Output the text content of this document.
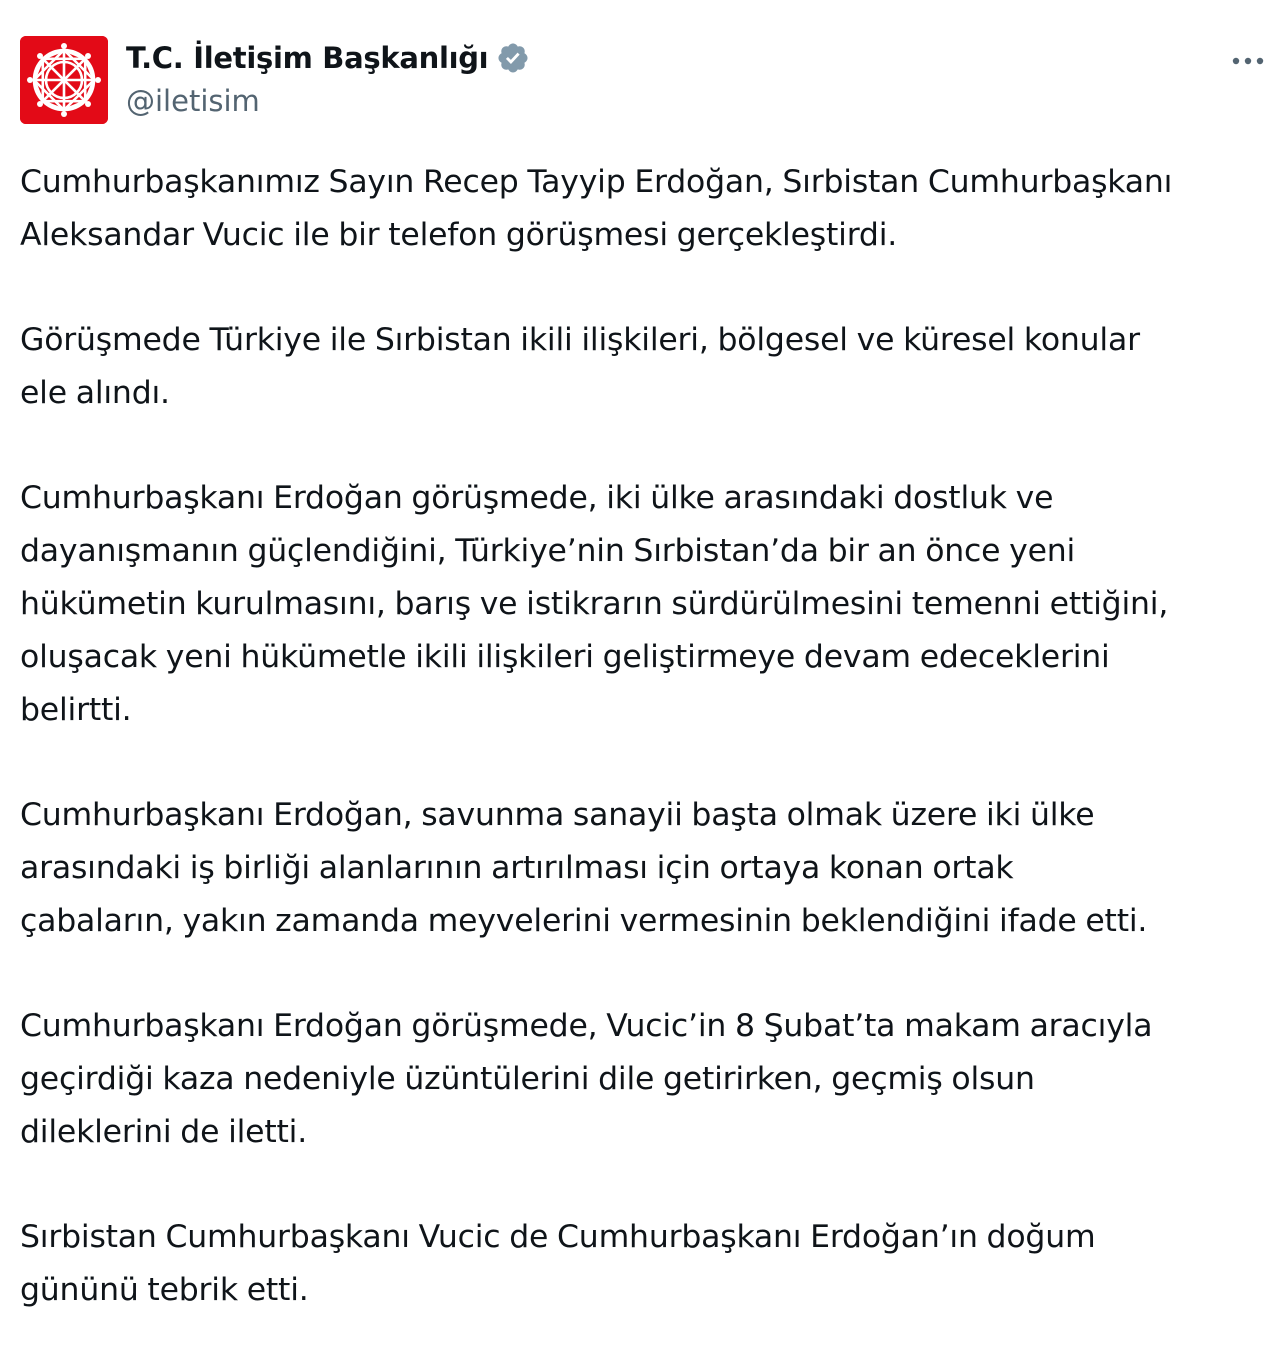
T.C. İletişim Başkanlığı
@iletisim

Cumhurbaşkanımız Sayın Recep Tayyip Erdoğan, Sırbistan Cumhurbaşkanı
Aleksandar Vucic ile bir telefon görüşmesi gerçekleştirdi.

Görüşmede Türkiye ile Sırbistan ikili ilişkileri, bölgesel ve küresel konular
ele alındı.

Cumhurbaşkanı Erdoğan görüşmede, iki ülke arasındaki dostluk ve
dayanışmanın güçlendiğini, Türkiye’nin Sırbistan’da bir an önce yeni
hükümetin kurulmasını, barış ve istikrarın sürdürülmesini temenni ettiğini,
oluşacak yeni hükümetle ikili ilişkileri geliştirmeye devam edeceklerini
belirtti.

Cumhurbaşkanı Erdoğan, savunma sanayii başta olmak üzere iki ülke
arasındaki iş birliği alanlarının artırılması için ortaya konan ortak
çabaların, yakın zamanda meyvelerini vermesinin beklendiğini ifade etti.

Cumhurbaşkanı Erdoğan görüşmede, Vucic’in 8 Şubat’ta makam aracıyla
geçirdiği kaza nedeniyle üzüntülerini dile getirirken, geçmiş olsun
dileklerini de iletti.

Sırbistan Cumhurbaşkanı Vucic de Cumhurbaşkanı Erdoğan’ın doğum
gününü tebrik etti.
